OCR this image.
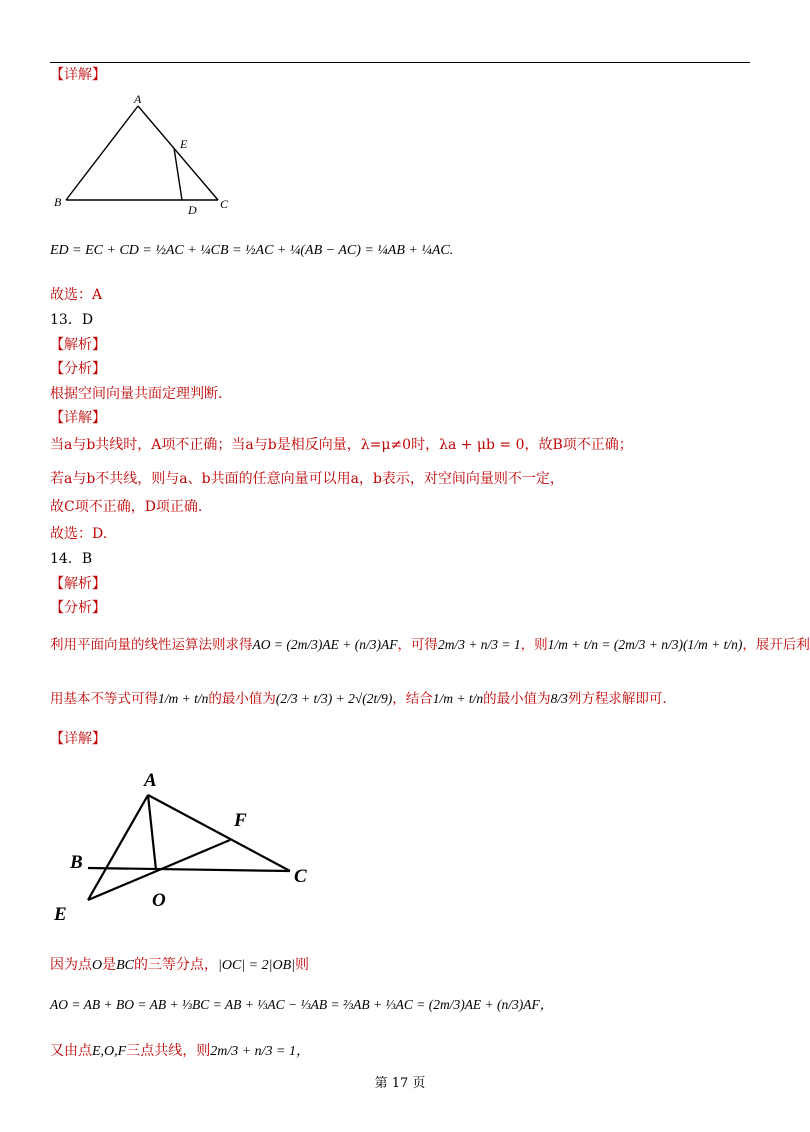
【详解】
A
E
B
D C
ED = EC + CD = ½AC + ¼CB = ½AC + ¼(AB − AC) = ¼AB + ¼AC.
故选：A
13．D
【解析】
【分析】
根据空间向量共面定理判断.
【详解】
当a与b共线时，A项不正确；当a与b是相反向量，λ=μ≠0时，λa + μb = 0，故B项不正确；
若a与b不共线，则与a、b共面的任意向量可以用a，b表示，对空间向量则不一定，
故C项不正确，D项正确.
故选：D.
14．B
【解析】
【分析】
利用平面向量的线性运算法则求得AO = (2m/3)AE + (n/3)AF，可得2m/3 + n/3 = 1，则1/m + t/n = (2m/3 + n/3)(1/m + t/n)，展开后利
用基本不等式可得1/m + t/n的最小值为(2/3 + t/3) + 2√(2t/9)，结合1/m + t/n的最小值为8/3列方程求解即可.
【详解】
A
F
B
C
O
E
因为点O是BC的三等分点，|OC| = 2|OB|则
AO = AB + BO = AB + ⅓BC = AB + ⅓AC − ⅓AB = ⅔AB + ⅓AC = (2m/3)AE + (n/3)AF，
又由点E,O,F三点共线，则2m/3 + n/3 = 1，
第 17 页
